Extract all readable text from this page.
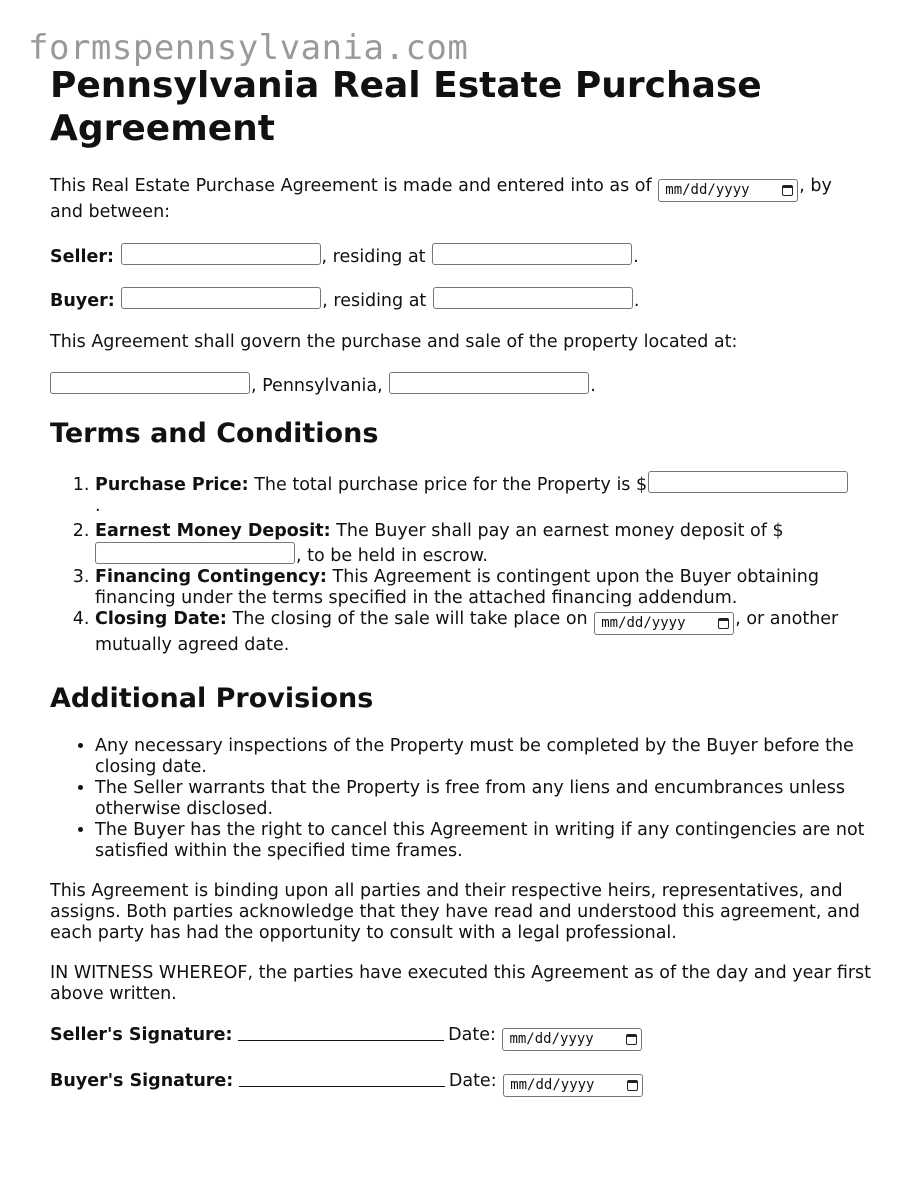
formspennsylvania.com
Pennsylvania Real Estate Purchase Agreement

This Real Estate Purchase Agreement is made and entered into as of mm/dd/yyyy	, by and between:

Seller:	, residing at	.

Buyer:	, residing at	.

This Agreement shall govern the purchase and sale of the property located at:

, Pennsylvania,	.

Terms and Conditions
1. Purchase Price: The total purchase price for the Property is $
.
2. Earnest Money Deposit: The Buyer shall pay an earnest money deposit of $
, to be held in escrow.
3. Financing Contingency: This Agreement is contingent upon the Buyer obtaining financing under the terms specified in the attached financing addendum.
4. Closing Date: The closing of the sale will take place on mm/dd/yyyy	, or another mutually agreed date.
Additional Provisions
• Any necessary inspections of the Property must be completed by the Buyer before the closing date.
• The Seller warrants that the Property is free from any liens and encumbrances unless otherwise disclosed.
• The Buyer has the right to cancel this Agreement in writing if any contingencies are not satisfied within the specified time frames.

This Agreement is binding upon all parties and their respective heirs, representatives, and assigns. Both parties acknowledge that they have read and understood this agreement, and each party has had the opportunity to consult with a legal professional.

IN WITNESS WHEREOF, the parties have executed this Agreement as of the day and year first above written.

Seller's Signature:	Date: mm/dd/yyyy

Buyer's Signature:	Date: mm/dd/yyyy
